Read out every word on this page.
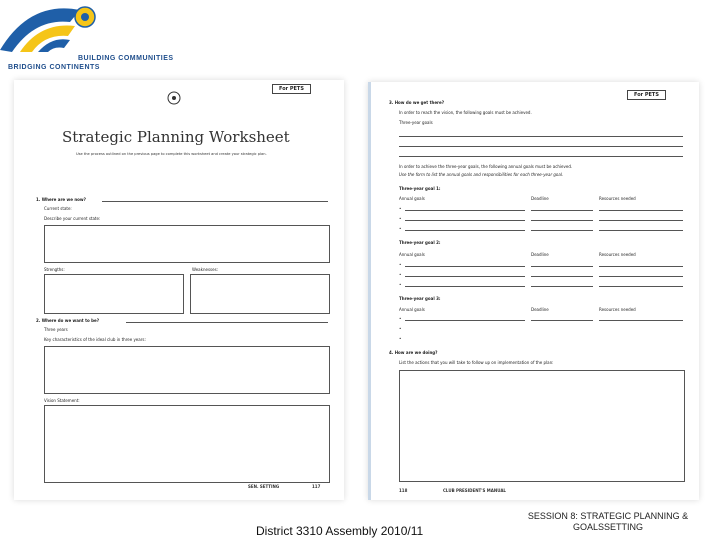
BUILDING COMMUNITIES
BRIDGING CONTINENTS
For PETS
Strategic Planning Worksheet
Use the process outlined on the previous page to complete this worksheet and create your strategic plan.
1. Where are we now?
Current state:
Describe your current state:
Strengths:	Weaknesses:
2. Where do we want to be?
Three years
Key characteristics of the ideal club in three years:
Vision Statement:
SEN. SETTING	117
For PETS
3. How do we get there?
In order to reach the vision, the following goals must be achieved.
Three-year goals
In order to achieve the three-year goals, the following annual goals must be achieved.
Use the form to list the annual goals and responsibilities for each three-year goal.
Three-year goal 1:
Annual goals	Deadline	Resources needed
•
•
•
Three-year goal 2:
Annual goals	Deadline	Resources needed
•
•
•
Three-year goal 3:
Annual goals	Deadline	Resources needed
•
•
•
4. How are we doing?
List the actions that you will take to follow up on implementation of the plan:
118	CLUB PRESIDENT'S MANUAL
District 3310 Assembly 2010/11
SESSION 8: STRATEGIC PLANNING &
GOALSSETTING
